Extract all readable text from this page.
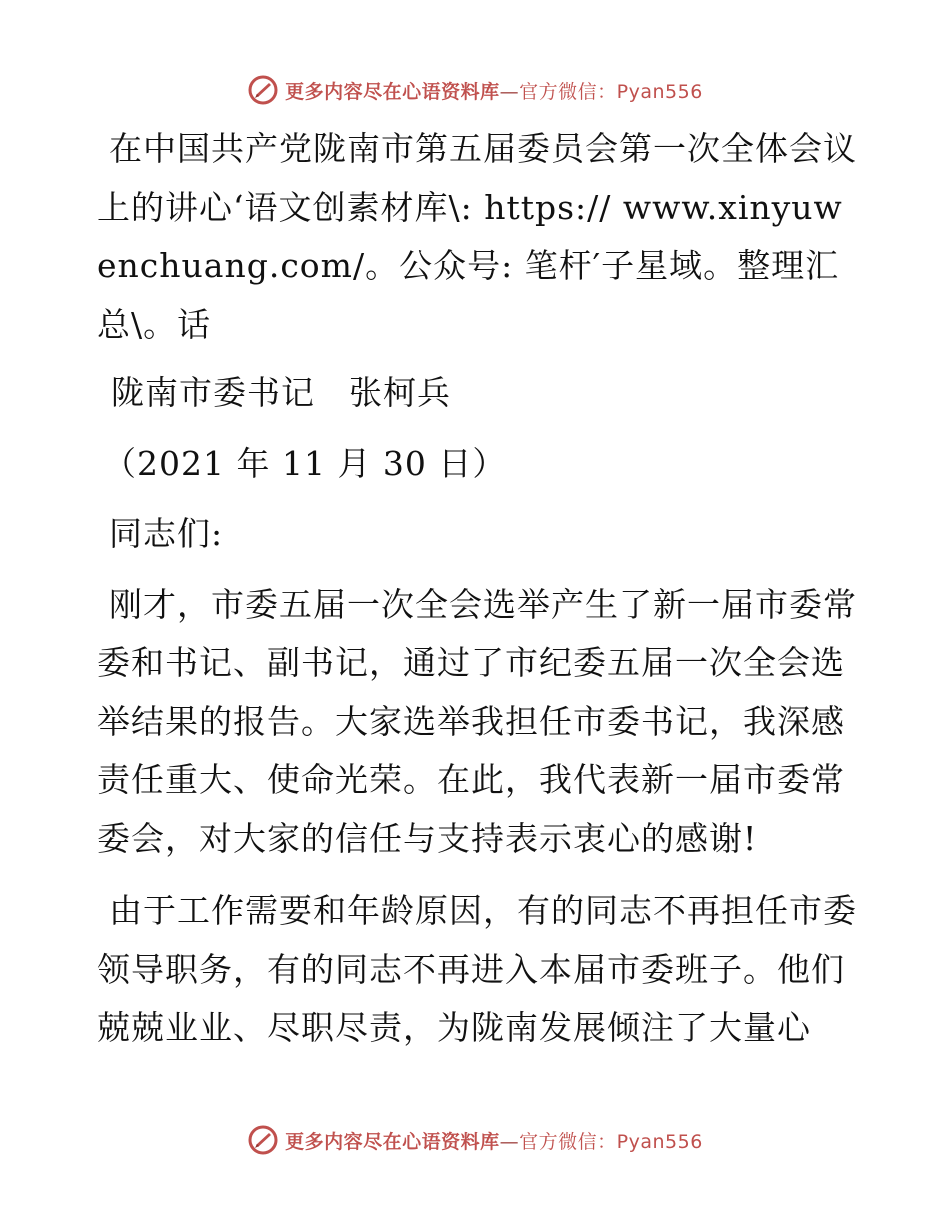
更多内容尽在心语资料库—官方微信：Pyan556

在中国共产党陇南市第五届委员会第一次全体会议上的讲心‘语文创素材库\: https:// www.xinyuwenchuang.com/。公众号: 笔杆′子星域。整理汇总\。话

陇南市委书记　张柯兵

（2021 年 11 月 30 日）

同志们:

刚才，市委五届一次全会选举产生了新一届市委常委和书记、副书记，通过了市纪委五届一次全会选举结果的报告。大家选举我担任市委书记，我深感责任重大、使命光荣。在此，我代表新一届市委常委会，对大家的信任与支持表示衷心的感谢!

由于工作需要和年龄原因，有的同志不再担任市委领导职务，有的同志不再进入本届市委班子。他们兢兢业业、尽职尽责，为陇南发展倾注了大量心

更多内容尽在心语资料库—官方微信：Pyan556
